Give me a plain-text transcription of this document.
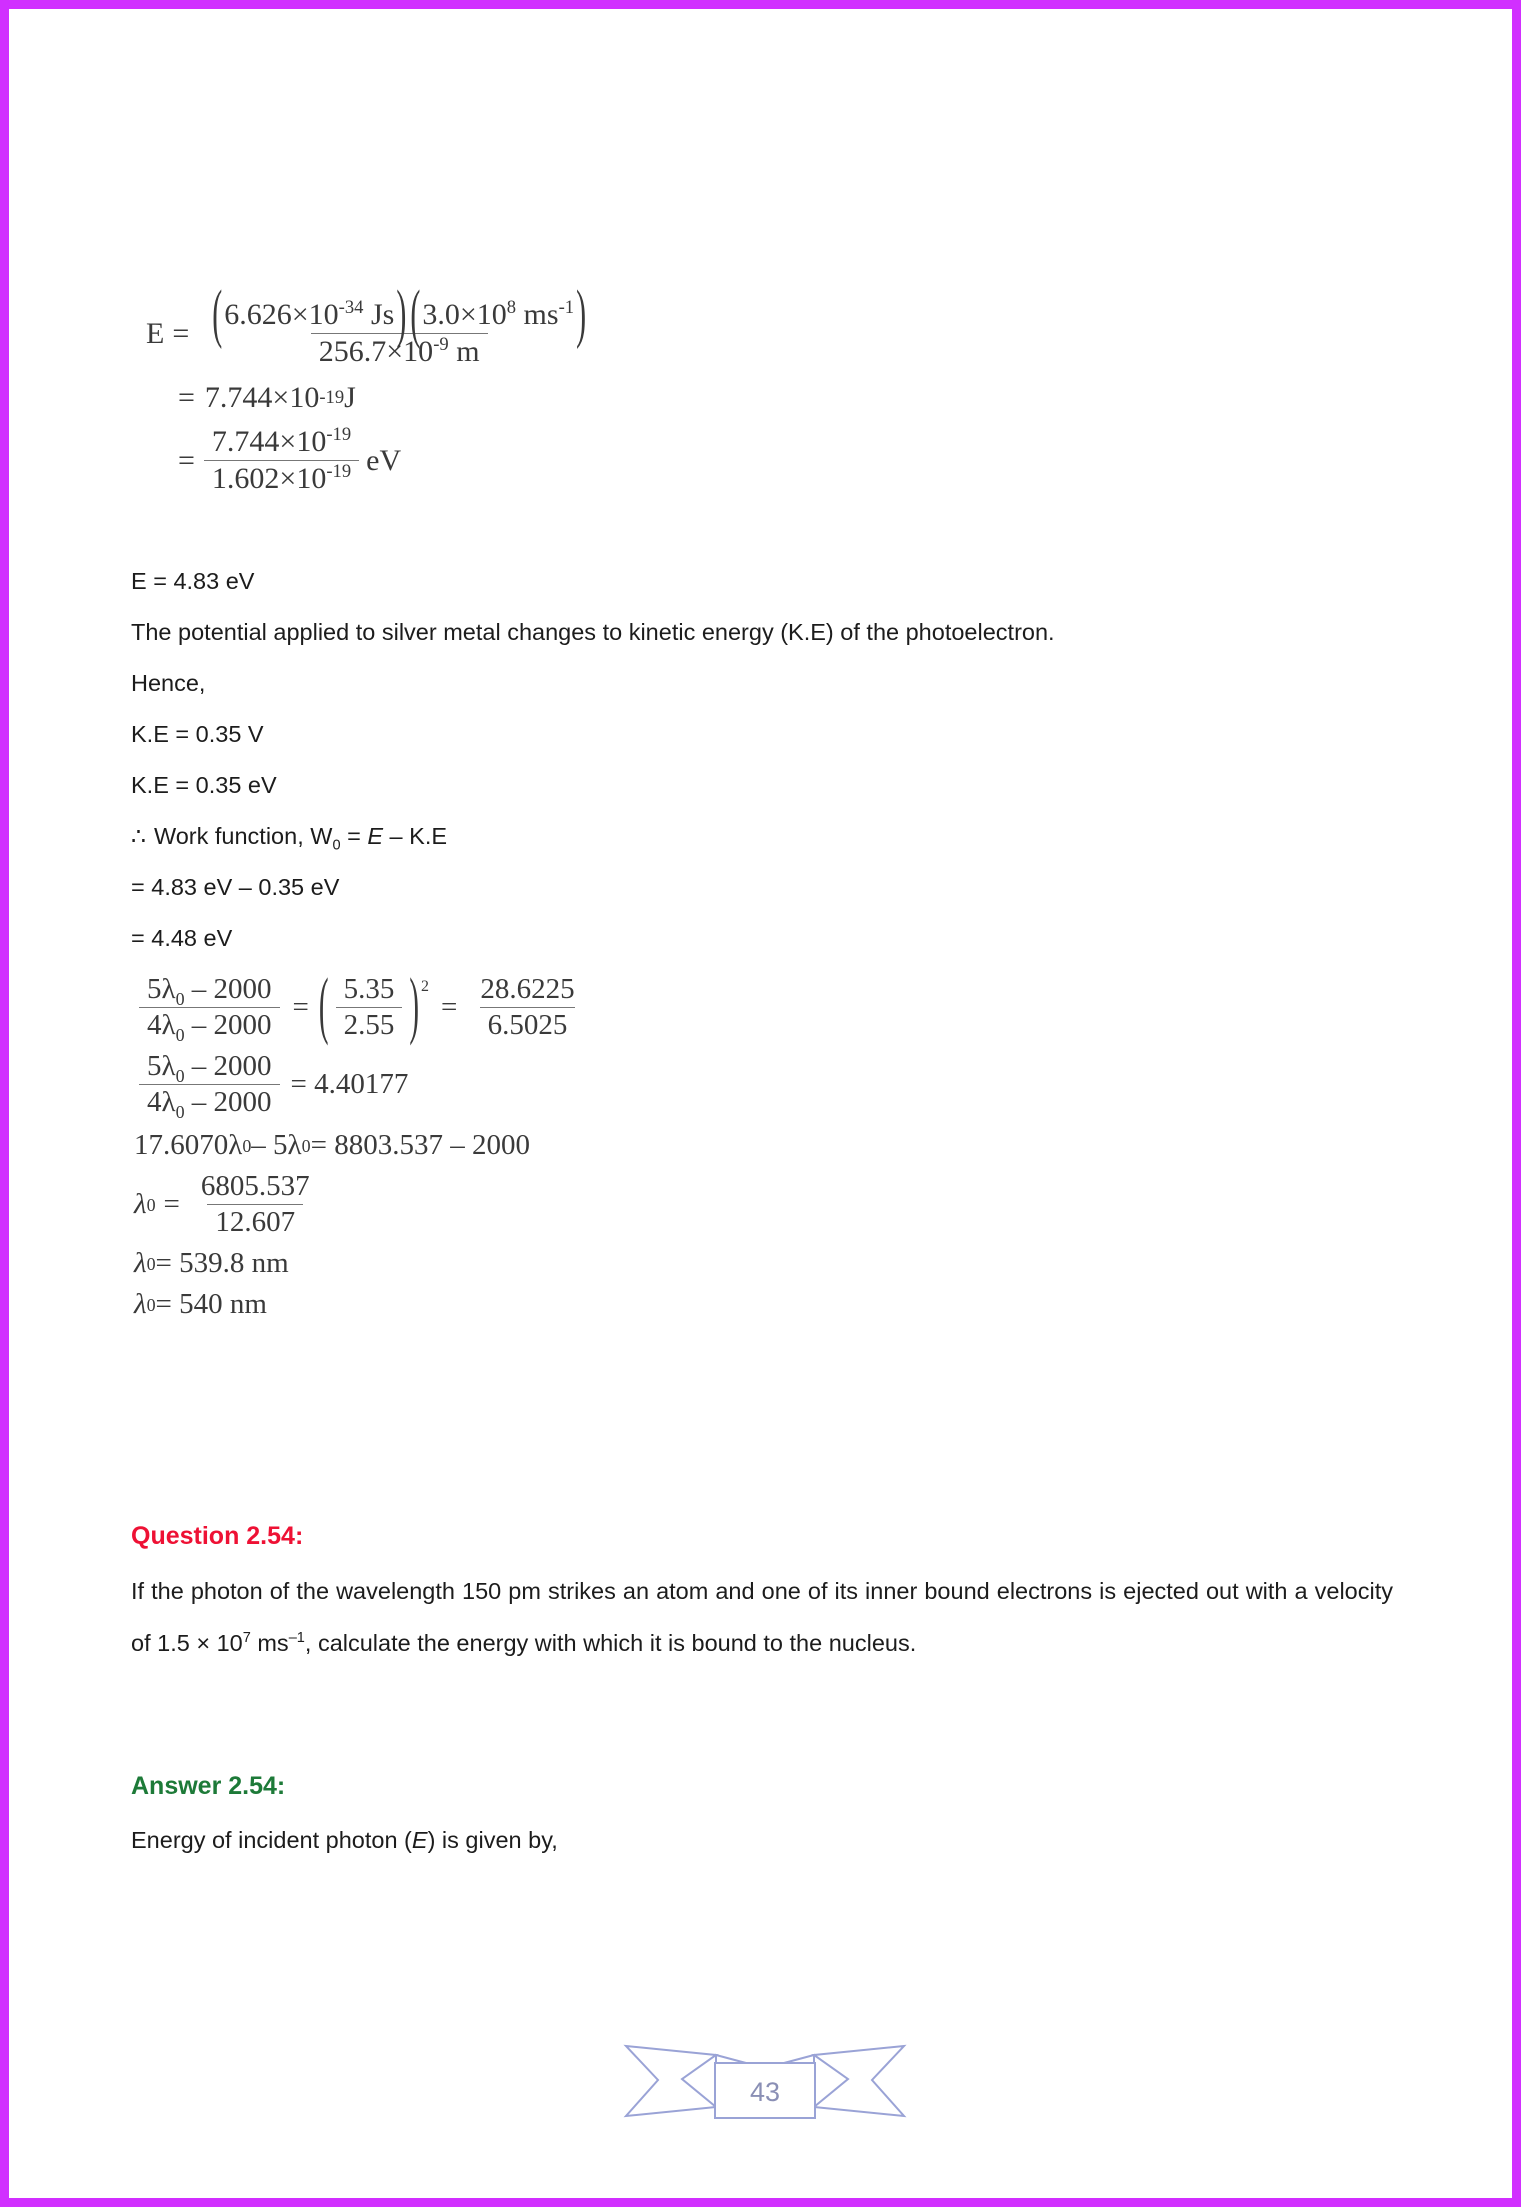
$E = \frac{(6.626\times 10^{-34} Js) (3.0\times 10^8 ms^{-1})}{256.7\times 10^{-9} m}$
= 7.744×10 -19 J
= $\frac{7.744\times 10^{-19}}{1.602\times 10^{-19}}$ eV
E = 4.83 eV
The potential applied to silver metal changes to kinetic energy (K.E) of the photoelectron.
Hence,
K.E = 0.35 V
K.E = 0.35 eV
∴ Work function, $W_0 = E - K.E$
= 4.83 eV – 0.35 eV
= 4.48 eV
$\frac{5\lambda_0 - 2000}{4\lambda_0 - 2000}$ = ( $\frac{5.35}{2.55}$ ) 2
= $\frac{28.6225}{6.5025}$
$\frac{5\lambda_0 - 2000}{4\lambda_0 - 2000} = 4.40177$
17.6070λ 0 – 5λ 0 = 8803.537 – 2000
λ $0 = \frac{6805.537}{12.607}$
λ 0 = 539.8 nm
λ 0 = 540 nm
Question 2.54:
If the photon of the wavelength 150 pm strikes an atom and one of its inner bound electrons is ejected out with a velocity of $1.5 \times 10^7$ $ms^{-1}$, calculate the energy with which it is bound to the nucleus.
Answer 2.54:
Energy of incident photon (E) is given by,
43
